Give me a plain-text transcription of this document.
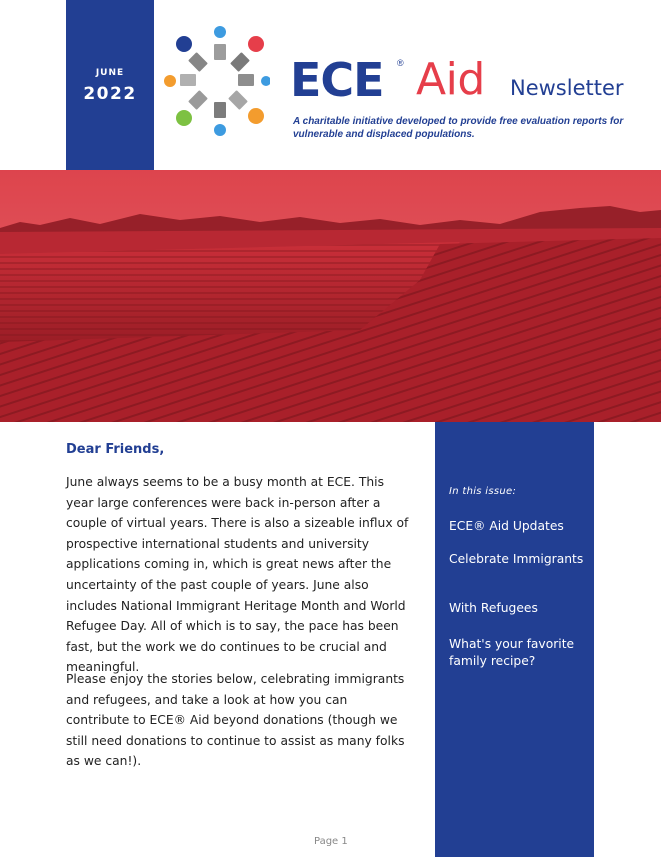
JUNE
2022	ECE ® Aid Newsletter
A charitable initiative developed to provide free evaluation reports for vulnerable and displaced populations.
Dear Friends,

June always seems to be a busy month at ECE. This year large conferences were back in-person after a couple of virtual years. There is also a sizeable influx of prospective international students and university applications coming in, which is great news after the uncertainty of the past couple of years. June also includes National Immigrant Heritage Month and World Refugee Day. All of which is to say, the pace has been fast, but the work we do continues to be crucial and meaningful.

Please enjoy the stories below, celebrating immigrants and refugees, and take a look at how you can contribute to ECE® Aid beyond donations (though we still need donations to continue to assist as many folks as we can!).

In this issue:
ECE® Aid Updates
Celebrate Immigrants
With Refugees
What's your favorite family recipe?
Page 1
